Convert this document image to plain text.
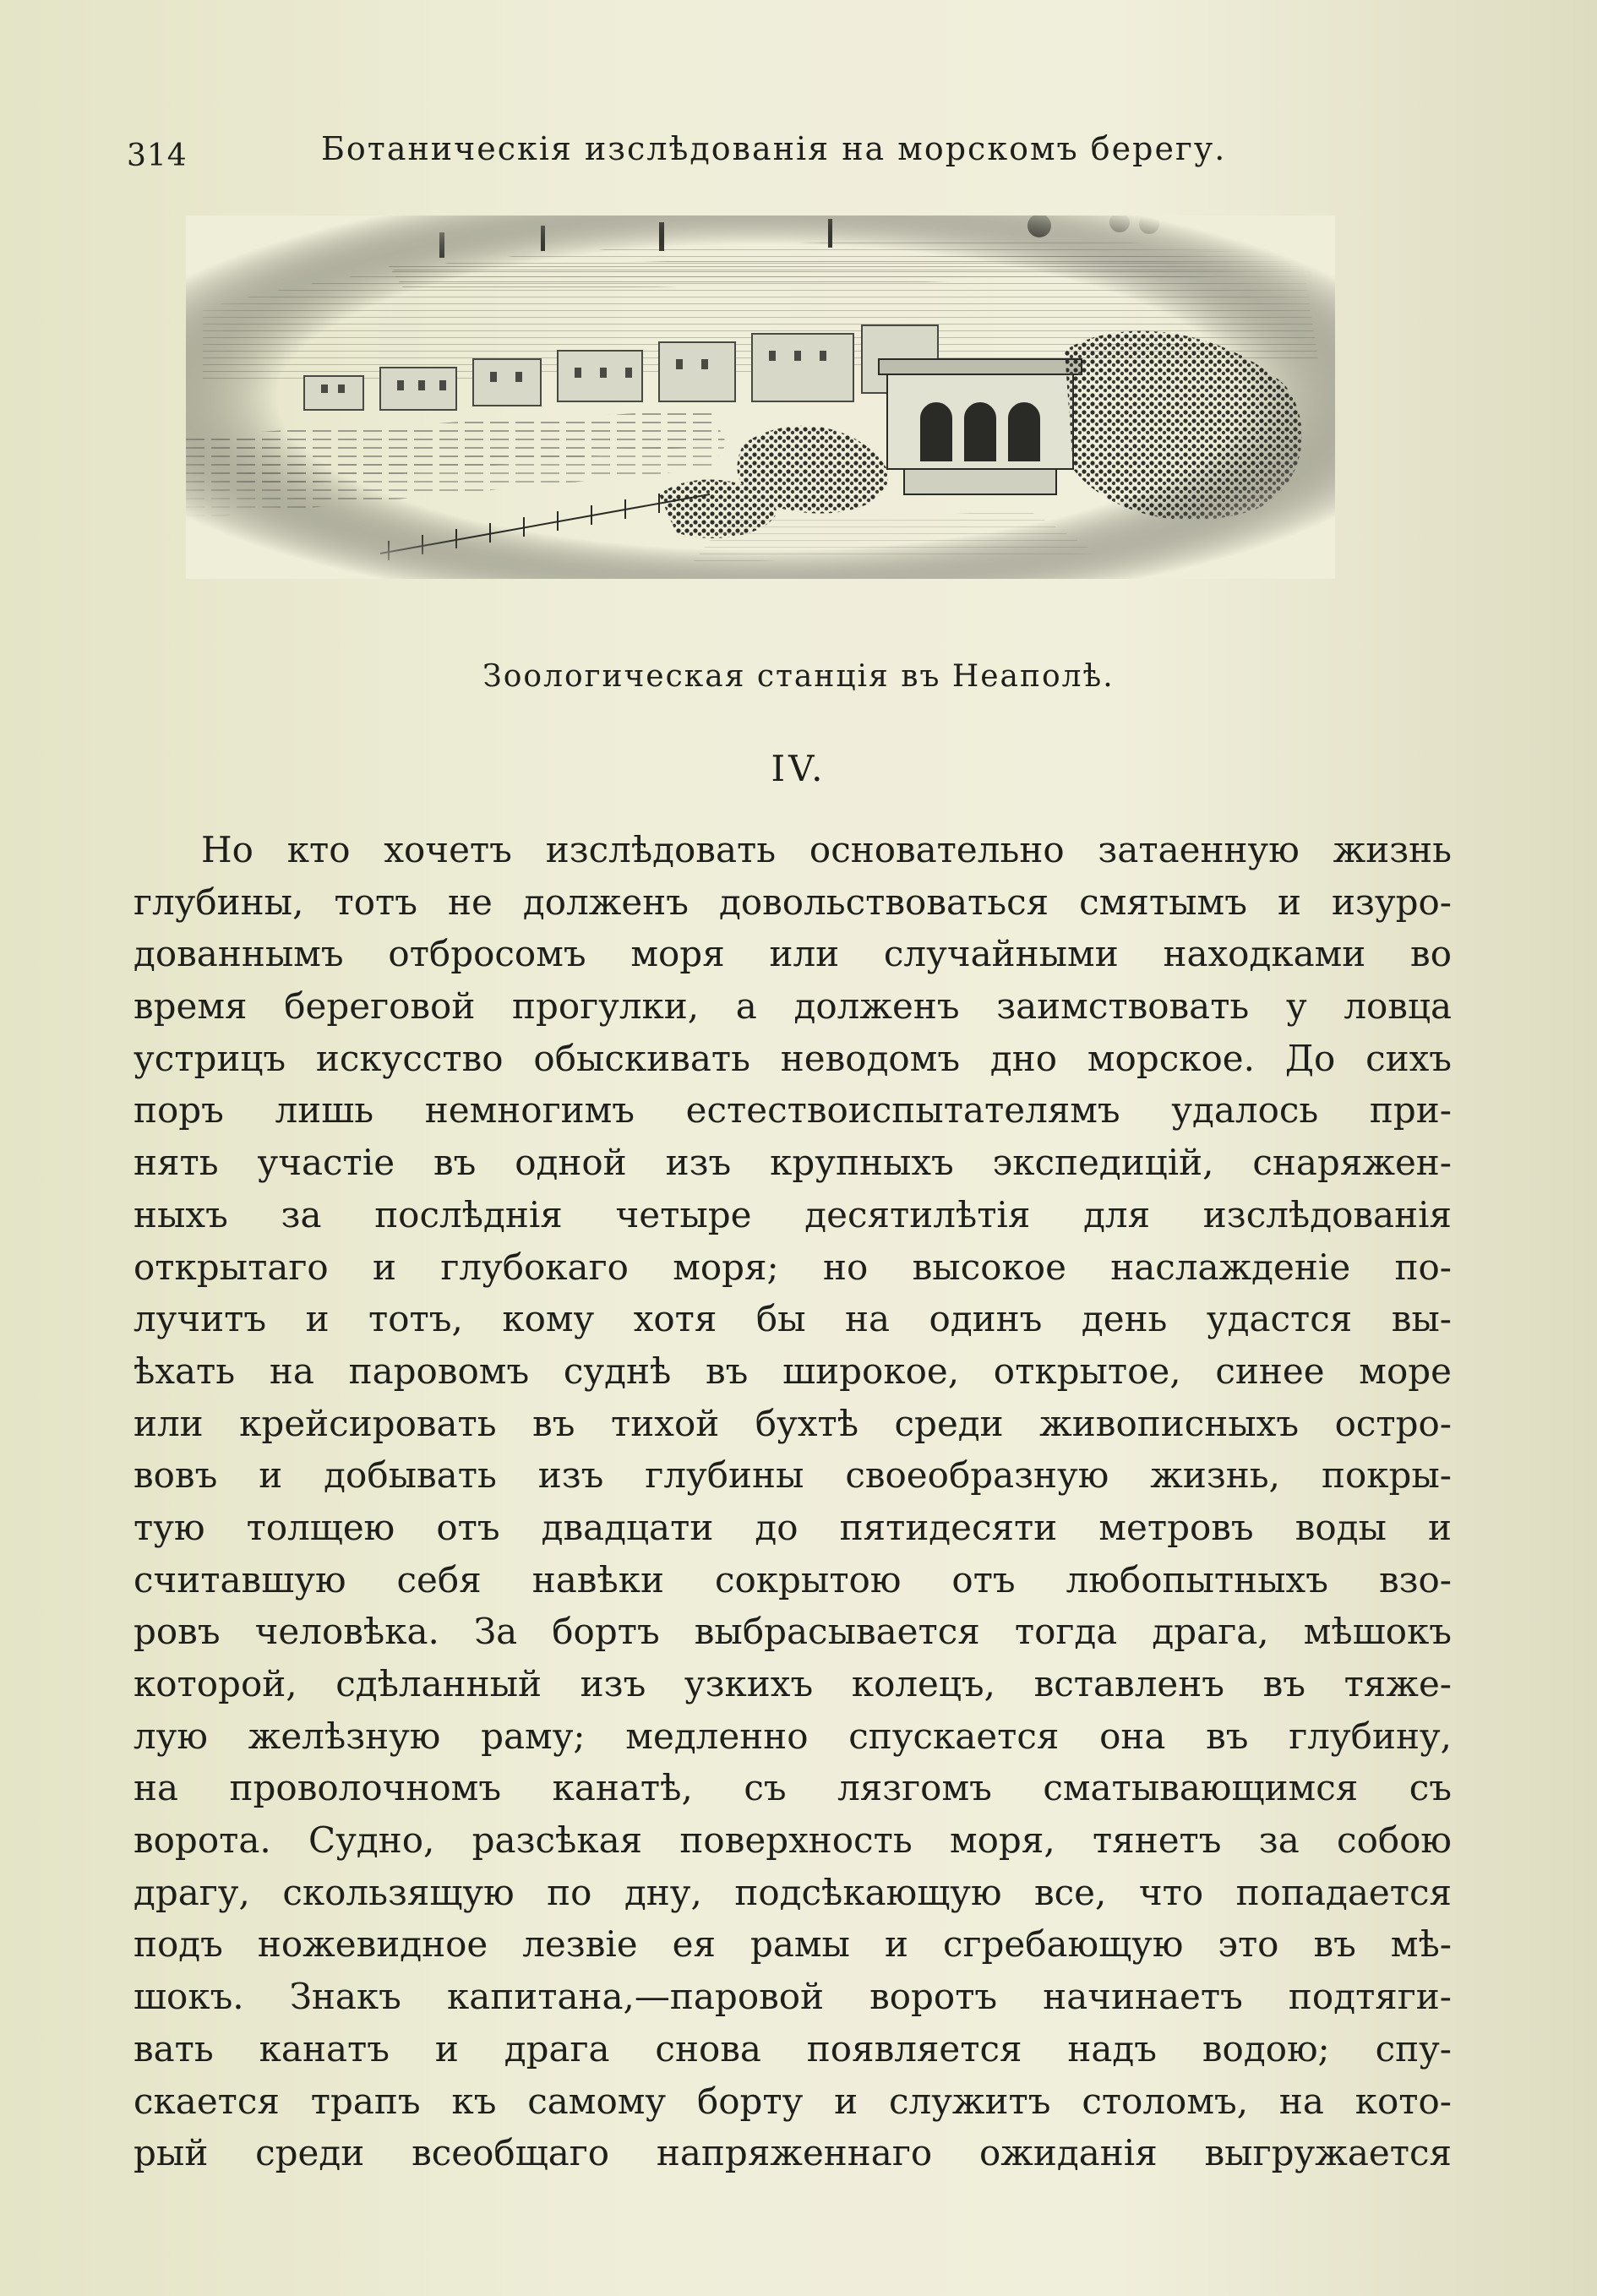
314	Ботаническiя изслѣдованiя на морскомъ берегу.
Зоологическая станцiя въ Неаполѣ.
IV.
Но кто хочетъ изслѣдовать основательно затаенную жизнь
глубины, тотъ не долженъ довольствоваться смятымъ и изуро-
дованнымъ отбросомъ моря или случайными находками во
время береговой прогулки, а долженъ заимствовать у ловца
устрицъ искусство обыскивать неводомъ дно морское. До сихъ
поръ лишь немногимъ естествоиспытателямъ удалось при-
нять участiе въ одной изъ крупныхъ экспедицiй, снаряжен-
ныхъ за послѣднiя четыре десятилѣтiя для изслѣдованiя
открытаго и глубокаго моря; но высокое наслажденiе по-
лучитъ и тотъ, кому хотя бы на одинъ день удастся вы-
ѣхать на паровомъ суднѣ въ широкое, открытое, синее море
или крейсировать въ тихой бухтѣ среди живописныхъ остро-
вовъ и добывать изъ глубины своеобразную жизнь, покры-
тую толщею отъ двадцати до пятидесяти метровъ воды и
считавшую себя навѣки сокрытою отъ любопытныхъ взо-
ровъ человѣка. За бортъ выбрасывается тогда драга, мѣшокъ
которой, сдѣланный изъ узкихъ колецъ, вставленъ въ тяже-
лую желѣзную раму; медленно спускается она въ глубину,
на проволочномъ канатѣ, съ лязгомъ сматывающимся съ
ворота. Судно, разсѣкая поверхность моря, тянетъ за собою
драгу, скользящую по дну, подсѣкающую все, что попадается
подъ ножевидное лезвiе ея рамы и сгребающую это въ мѣ-
шокъ. Знакъ капитана,—паровой воротъ начинаетъ подтяги-
вать канатъ и драга снова появляется надъ водою; спу-
скается трапъ къ самому борту и служитъ столомъ, на кото-
рый среди всеобщаго напряженнаго ожиданiя выгружается
